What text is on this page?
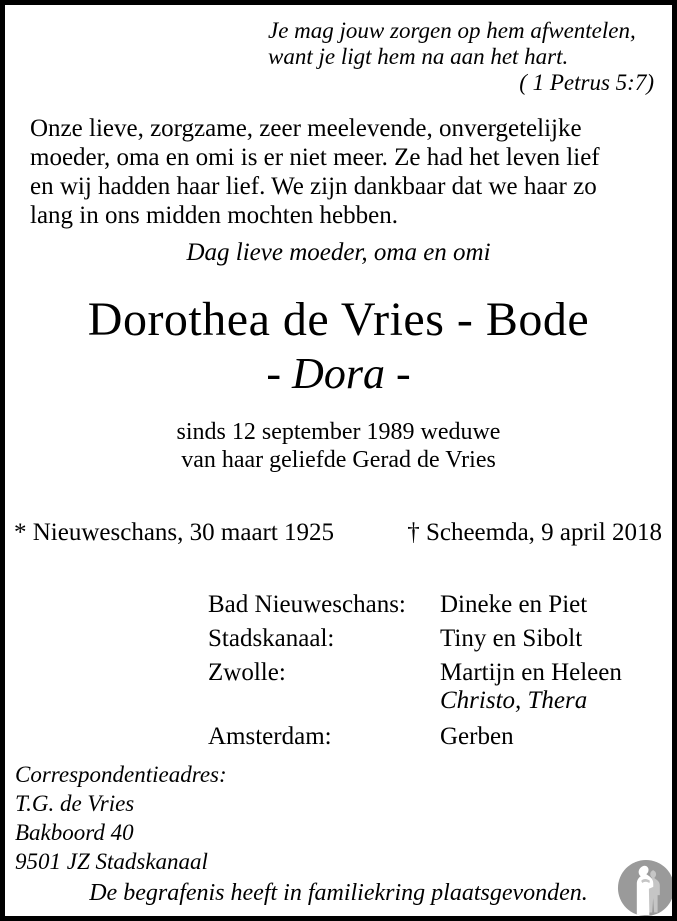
Je mag jouw zorgen op hem afwentelen,
want je ligt hem na aan het hart.
( 1 Petrus 5:7)
Onze lieve, zorgzame, zeer meelevende, onvergetelijke
moeder, oma en omi is er niet meer. Ze had het leven lief
en wij hadden haar lief. We zijn dankbaar dat we haar zo
lang in ons midden mochten hebben.
Dag lieve moeder, oma en omi
Dorothea de Vries - Bode
- Dora -
sinds 12 september 1989 weduwe
van haar geliefde Gerad de Vries
* Nieuweschans, 30 maart 1925	† Scheemda, 9 april 2018
Bad Nieuweschans:	Dineke en Piet
Stadskanaal:	Tiny en Sibolt
Zwolle:	Martijn en Heleen
Christo, Thera
Amsterdam:	Gerben
Correspondentieadres:
T.G. de Vries
Bakboord 40
9501 JZ Stadskanaal
De begrafenis heeft in familiekring plaatsgevonden.
